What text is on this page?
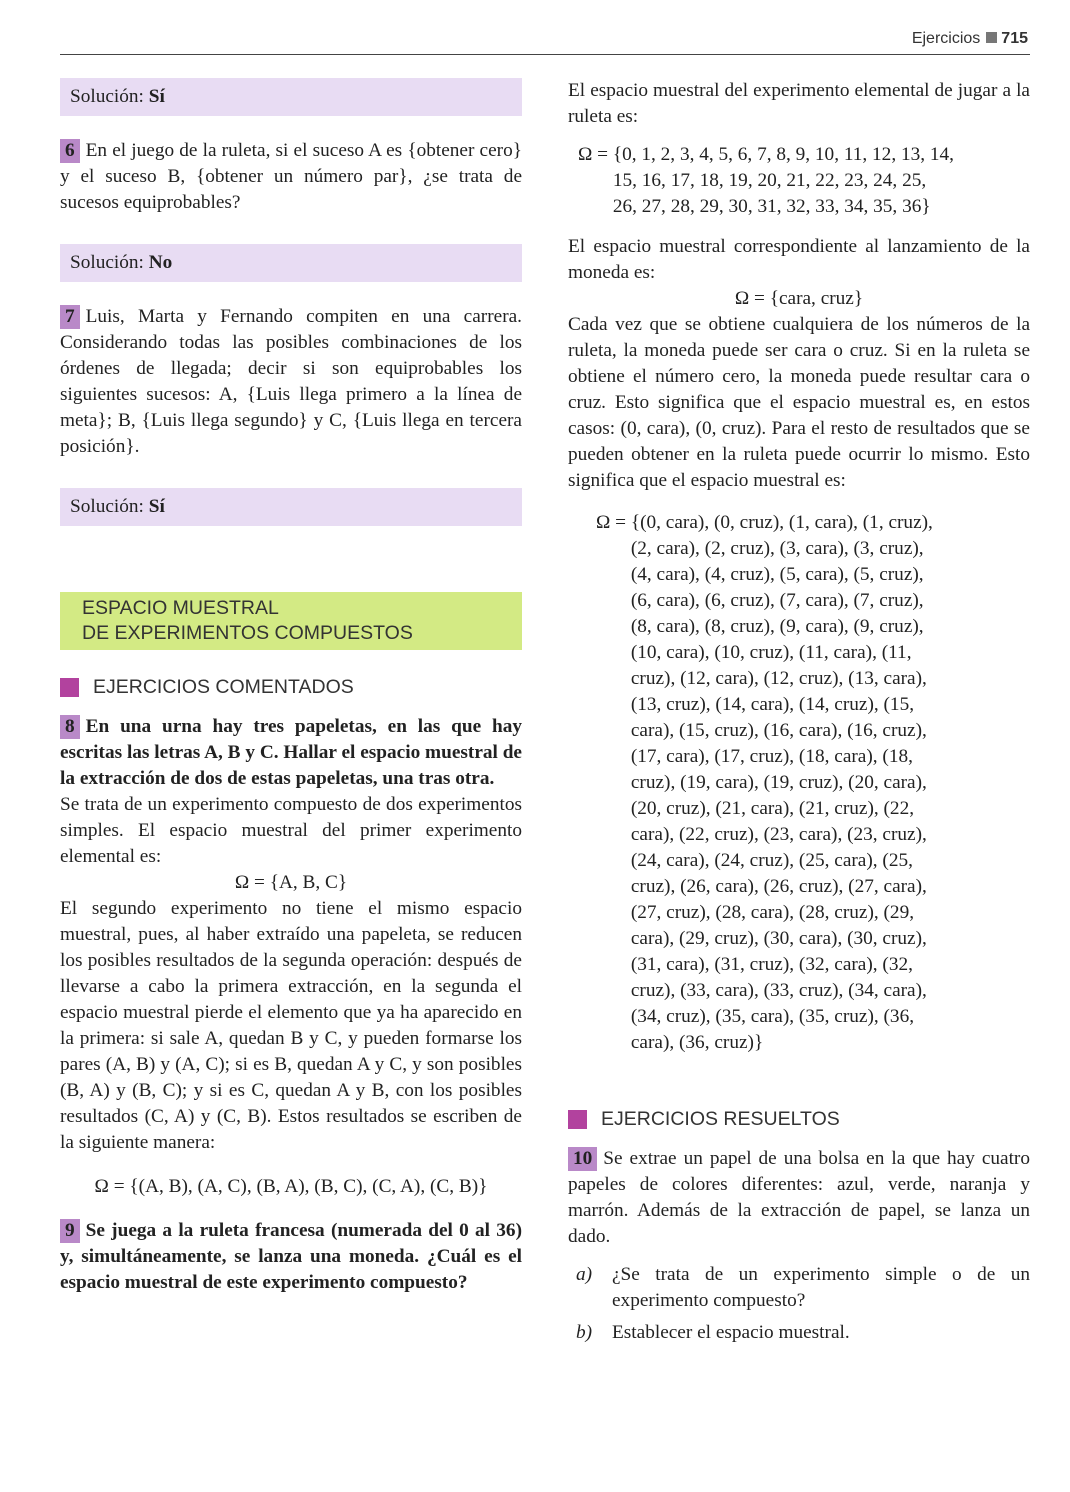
Ejercicios 715
Solución: Sí

6 En el juego de la ruleta, si el suceso A es {obtener cero} y el suceso B, {obtener un número par}, ¿se trata de sucesos equiprobables?

Solución: No

7 Luis, Marta y Fernando compiten en una carrera. Considerando todas las posibles combinaciones de los órdenes de llegada; decir si son equiprobables los siguientes sucesos: A, {Luis llega primero a la línea de meta}; B, {Luis llega segundo} y C, {Luis llega en tercera posición}.

Solución: Sí
ESPACIO MUESTRAL
DE EXPERIMENTOS COMPUESTOS
EJERCICIOS COMENTADOS

8 En una urna hay tres papeletas, en las que hay escritas las letras A, B y C. Hallar el espacio muestral de la extracción de dos de estas papeletas, una tras otra.

Se trata de un experimento compuesto de dos experimentos simples. El espacio muestral del primer experimento elemental es:

Ω = {A, B, C}

El segundo experimento no tiene el mismo espacio muestral, pues, al haber extraído una papeleta, se reducen los posibles resultados de la segunda operación: después de llevarse a cabo la primera extracción, en la segunda el espacio muestral pierde el elemento que ya ha aparecido en la primera: si sale A, quedan B y C, y pueden formarse los pares (A, B) y (A, C); si es B, quedan A y C, y son posibles (B, A) y (B, C); y si es C, quedan A y B, con los posibles resultados (C, A) y (C, B). Estos resultados se escriben de la siguiente manera:

Ω = {(A, B), (A, C), (B, A), (B, C), (C, A), (C, B)}

9 Se juega a la ruleta francesa (numerada del 0 al 36) y, simultáneamente, se lanza una moneda. ¿Cuál es el espacio muestral de este experimento compuesto?

El espacio muestral del experimento elemental de jugar a la ruleta es:

Ω = {0, 1, 2, 3, 4, 5, 6, 7, 8, 9, 10, 11, 12, 13, 14,
15, 16, 17, 18, 19, 20, 21, 22, 23, 24, 25,
26, 27, 28, 29, 30, 31, 32, 33, 34, 35, 36}

El espacio muestral correspondiente al lanzamiento de la moneda es:

Ω = {cara, cruz}

Cada vez que se obtiene cualquiera de los números de la ruleta, la moneda puede ser cara o cruz. Si en la ruleta se obtiene el número cero, la moneda puede resultar cara o cruz. Esto significa que el espacio muestral es, en estos casos: (0, cara), (0, cruz). Para el resto de resultados que se pueden obtener en la ruleta puede ocurrir lo mismo. Esto significa que el espacio muestral es:

Ω = {(0, cara), (0, cruz), (1, cara), (1, cruz),
(2, cara), (2, cruz), (3, cara), (3, cruz),
(4, cara), (4, cruz), (5, cara), (5, cruz),
(6, cara), (6, cruz), (7, cara), (7, cruz),
(8, cara), (8, cruz), (9, cara), (9, cruz),
(10, cara), (10, cruz), (11, cara), (11,
cruz), (12, cara), (12, cruz), (13, cara),
(13, cruz), (14, cara), (14, cruz), (15,
cara), (15, cruz), (16, cara), (16, cruz),
(17, cara), (17, cruz), (18, cara), (18,
cruz), (19, cara), (19, cruz), (20, cara),
(20, cruz), (21, cara), (21, cruz), (22,
cara), (22, cruz), (23, cara), (23, cruz),
(24, cara), (24, cruz), (25, cara), (25,
cruz), (26, cara), (26, cruz), (27, cara),
(27, cruz), (28, cara), (28, cruz), (29,
cara), (29, cruz), (30, cara), (30, cruz),
(31, cara), (31, cruz), (32, cara), (32,
cruz), (33, cara), (33, cruz), (34, cara),
(34, cruz), (35, cara), (35, cruz), (36,
cara), (36, cruz)}
EJERCICIOS RESUELTOS

10 Se extrae un papel de una bolsa en la que hay cuatro papeles de colores diferentes: azul, verde, naranja y marrón. Además de la extracción de papel, se lanza un dado.

a)	¿Se trata de un experimento simple o de un experimento compuesto?
b)	Establecer el espacio muestral.
